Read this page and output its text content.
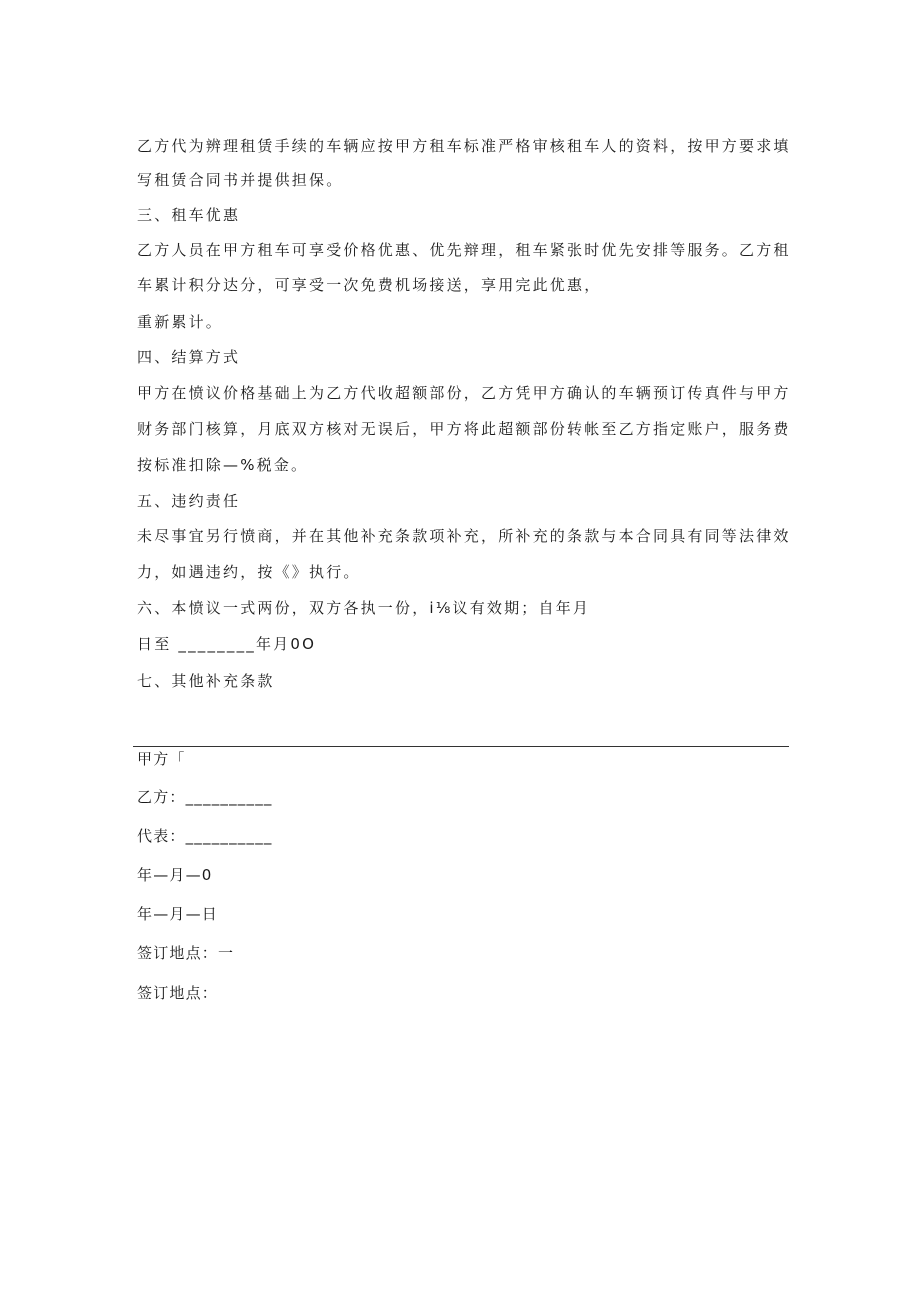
乙方代为辨理租赁手续的车辆应按甲方租车标准严格审核租车人的资料，按甲方要求填
写租赁合同书并提供担保。
三、租车优惠
乙方人员在甲方租车可享受价格优惠、优先辩理，租车紧张时优先安排等服务。乙方租
车累计积分达分，可享受一次免费机场接送，享用完此优惠，
重新累计。
四、结算方式
甲方在愤议价格基础上为乙方代收超额部份，乙方凭甲方确认的车辆预订传真件与甲方
财务部门核算，月底双方核对无误后，甲方将此超额部份转帐至乙方指定账户，服务费
按标准扣除—%税金。
五、违约责任
未尽事宜另行愤商，并在其他补充条款项补充，所补充的条款与本合同具有同等法律效
力，如遇违约，按《》执行。
六、本愤议一式两份，双方各执一份，i⅛议有效期；自年月
日至 ________年月0O
七、其他补充条款
甲方「
乙方：__________
代表：__________
年—月—0
年—月—日
签订地点：一
签订地点：
